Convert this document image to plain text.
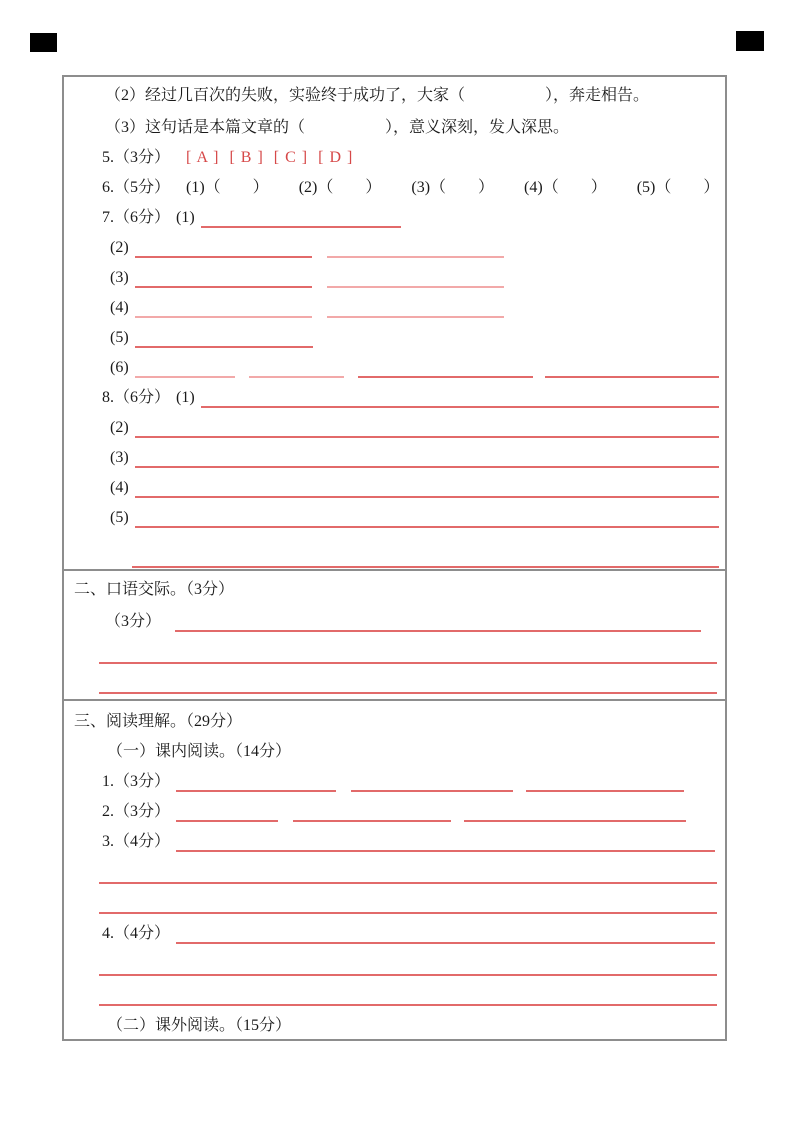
（2）经过几百次的失败，实验终于成功了，大家（　　　　　），奔走相告。
（3）这句话是本篇文章的（　　　　　），意义深刻，发人深思。
5.（3分） [ A ] [ B ] [ C ] [ D ]
6.（5分） (1)（　　） (2)（　　） (3)（　　） (4)（　　） (5)（　　）
7.（6分） (1)
(2)
(3)
(4)
(5)
(6)
8.（6分） (1)
(2)
(3)
(4)
(5)
二、口语交际。（3分）
（3分）
三、阅读理解。（29分）
（一）课内阅读。（14分）
1.（3分）
2.（3分）
3.（4分）
4.（4分）
（二）课外阅读。（15分）
